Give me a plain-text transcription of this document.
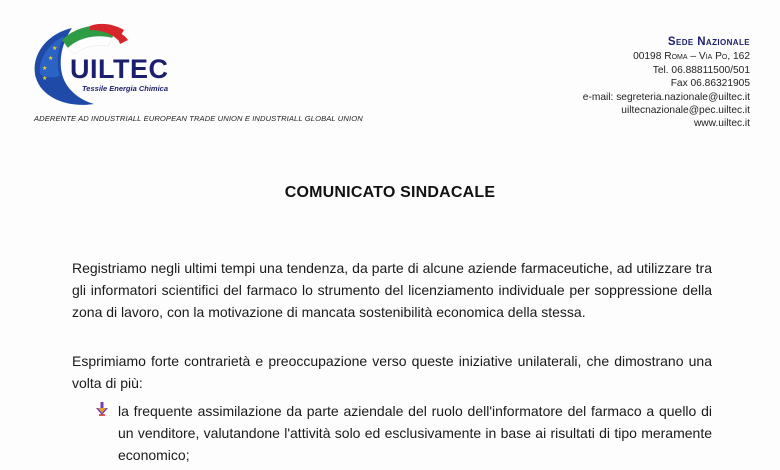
★
★
★
★
UILTEC
Tessile Energia Chimica
ADERENTE AD INDUSTRIALL EUROPEAN TRADE UNION E INDUSTRIALL GLOBAL UNION
Sede Nazionale
00198 Roma – Via Po, 162
Tel. 06.88811500/501
Fax 06.86321905
e-mail: segreteria.nazionale@uiltec.it
uiltecnazionale@pec.uiltec.it
www.uiltec.it
COMUNICATO SINDACALE
Registriamo negli ultimi tempi una tendenza, da parte di alcune aziende farmaceutiche, ad utilizzare tra gli informatori scientifici del farmaco lo strumento del licenziamento individuale per soppressione della zona di lavoro, con la motivazione di mancata sostenibilità economica della stessa.
Esprimiamo forte contrarietà e preoccupazione verso queste iniziative unilaterali, che dimostrano una volta di più:
la frequente assimilazione da parte aziendale del ruolo dell'informatore del farmaco a quello di un venditore, valutandone l'attività solo ed esclusivamente in base ai risultati di tipo meramente economico;
